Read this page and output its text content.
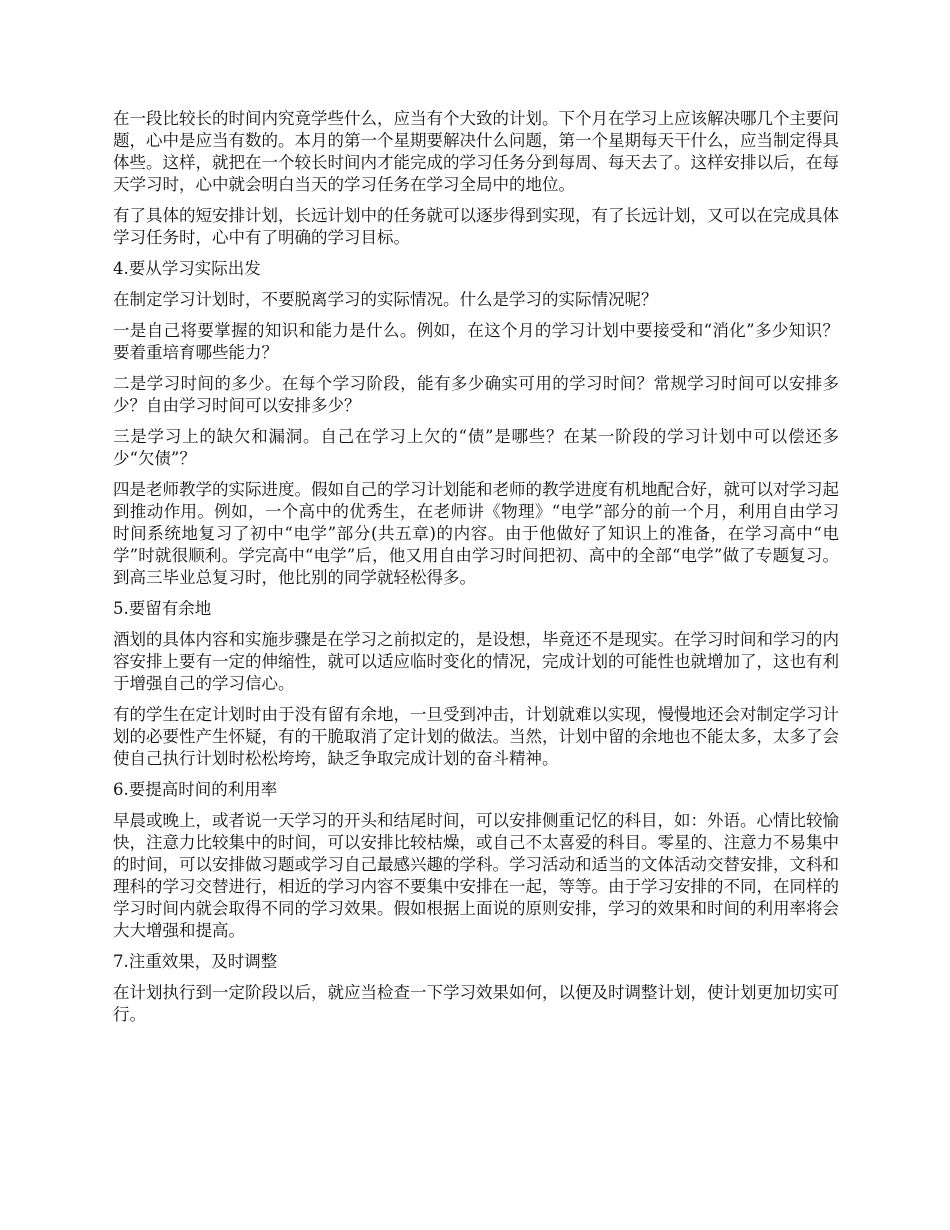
在一段比较长的时间内究竟学些什么，应当有个大致的计划。下个月在学习上应该解决哪几个主要问题，心中是应当有数的。本月的第一个星期要解决什么问题，第一个星期每天干什么，应当制定得具体些。这样，就把在一个较长时间内才能完成的学习任务分到每周、每天去了。这样安排以后，在每天学习时，心中就会明白当天的学习任务在学习全局中的地位。

有了具体的短安排计划，长远计划中的任务就可以逐步得到实现，有了长远计划，又可以在完成具体学习任务时，心中有了明确的学习目标。

4.要从学习实际出发

在制定学习计划时，不要脱离学习的实际情况。什么是学习的实际情况呢？

一是自己将要掌握的知识和能力是什么。例如，在这个月的学习计划中要接受和“消化”多少知识？要着重培育哪些能力？

二是学习时间的多少。在每个学习阶段，能有多少确实可用的学习时间？常规学习时间可以安排多少？自由学习时间可以安排多少？

三是学习上的缺欠和漏洞。自己在学习上欠的“债”是哪些？在某一阶段的学习计划中可以偿还多少“欠债”？

四是老师教学的实际进度。假如自己的学习计划能和老师的教学进度有机地配合好，就可以对学习起到推动作用。例如，一个高中的优秀生，在老师讲《物理》“电学”部分的前一个月，利用自由学习时间系统地复习了初中“电学”部分(共五章)的内容。由于他做好了知识上的准备，在学习高中“电学”时就很顺利。学完高中“电学”后，他又用自由学习时间把初、高中的全部“电学”做了专题复习。到高三毕业总复习时，他比别的同学就轻松得多。

5.要留有余地

酒划的具体内容和实施步骤是在学习之前拟定的，是设想，毕竟还不是现实。在学习时间和学习的内容安排上要有一定的伸缩性，就可以适应临时变化的情况，完成计划的可能性也就增加了，这也有利于增强自己的学习信心。

有的学生在定计划时由于没有留有余地，一旦受到冲击，计划就难以实现，慢慢地还会对制定学习计划的必要性产生怀疑，有的干脆取消了定计划的做法。当然，计划中留的余地也不能太多，太多了会使自己执行计划时松松垮垮，缺乏争取完成计划的奋斗精神。

6.要提高时间的利用率

早晨或晚上，或者说一天学习的开头和结尾时间，可以安排侧重记忆的科目，如：外语。心情比较愉快，注意力比较集中的时间，可以安排比较枯燥，或自己不太喜爱的科目。零星的、注意力不易集中的时间，可以安排做习题或学习自己最感兴趣的学科。学习活动和适当的文体活动交替安排，文科和理科的学习交替进行，相近的学习内容不要集中安排在一起，等等。由于学习安排的不同，在同样的学习时间内就会取得不同的学习效果。假如根据上面说的原则安排，学习的效果和时间的利用率将会大大增强和提高。

7.注重效果，及时调整

在计划执行到一定阶段以后，就应当检查一下学习效果如何，以便及时调整计划，使计划更加切实可行。
